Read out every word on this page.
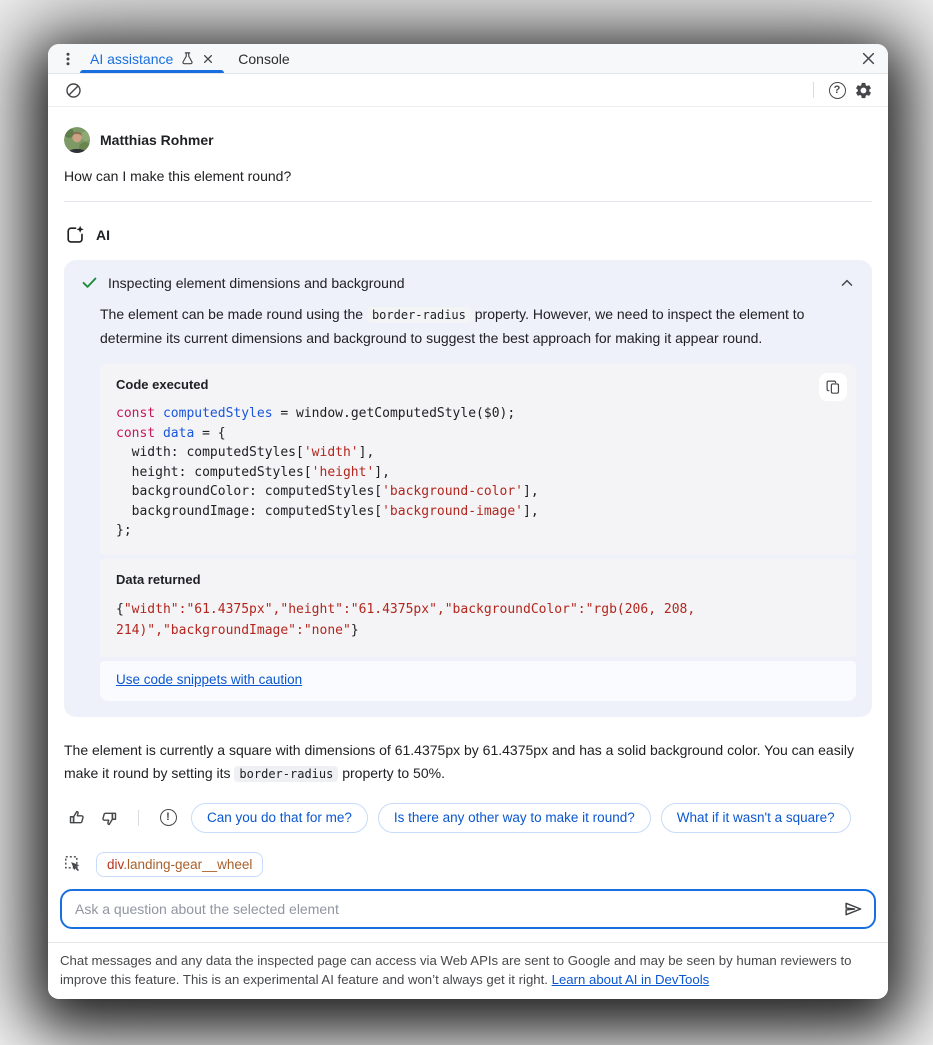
AI assistance	Console
?
Matthias Rohmer
How can I make this element round?
AI
Inspecting element dimensions and background
The element can be made round using the border-radius property. However, we need to inspect the element to determine its current dimensions and background to suggest the best approach for making it appear round.
Code executed
const computedStyles = window.getComputedStyle($0);
const data = {
width: computedStyles['width'],
height: computedStyles['height'],
backgroundColor: computedStyles['background-color'],
backgroundImage: computedStyles['background-image'],
};
Data returned
{"width":"61.4375px","height":"61.4375px","backgroundColor":"rgb(206, 208, 214)","backgroundImage":"none"}
Use code snippets with caution
The element is currently a square with dimensions of 61.4375px by 61.4375px and has a solid background color. You can easily make it round by setting its border-radius property to 50%.
!	Can you do that for me?	Is there any other way to make it round?	What if it wasn't a square?
div.landing-gear__wheel
Ask a question about the selected element
Chat messages and any data the inspected page can access via Web APIs are sent to Google and may be seen by human reviewers to improve this feature. This is an experimental AI feature and won’t always get it right. Learn about AI in DevTools
